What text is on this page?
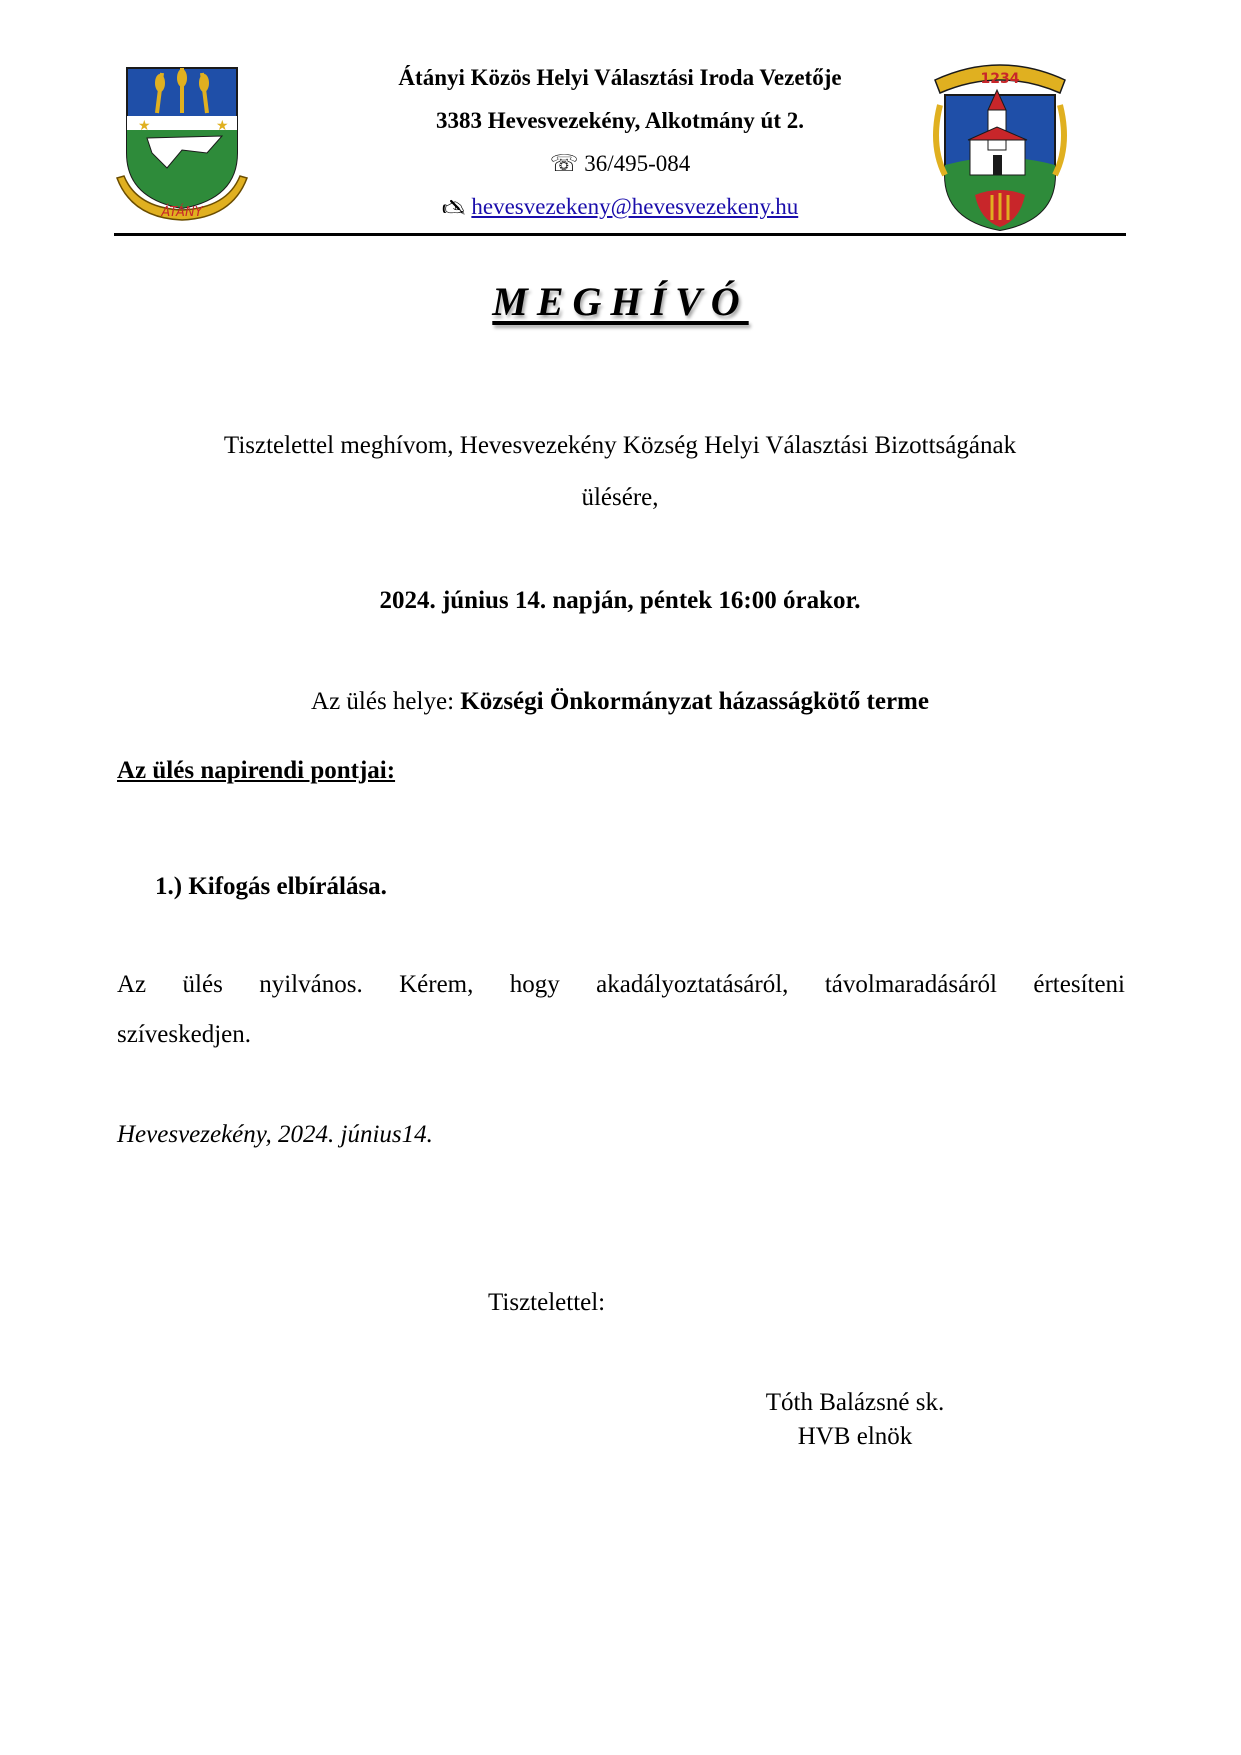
★	★
ÁTÁNY
Átányi Közös Helyi Választási Iroda Vezetője
3383 Hevesvezekény, Alkotmány út 2.
☏ 36/495-084
🖎 hevesvezekeny@hevesvezekeny.hu
1234
MEGHÍVÓ
Tisztelettel meghívom, Hevesvezekény Község Helyi Választási Bizottságának
ülésére,
2024. június 14. napján, péntek 16:00 órakor.
Az ülés helye: Községi Önkormányzat házasságkötő terme
Az ülés napirendi pontjai:
1.) Kifogás elbírálása.
Az ülés nyilvános. Kérem, hogy akadályoztatásáról, távolmaradásáról értesíteni
szíveskedjen.
Hevesvezekény, 2024. június14.
Tisztelettel:
Tóth Balázsné sk.
HVB elnök
